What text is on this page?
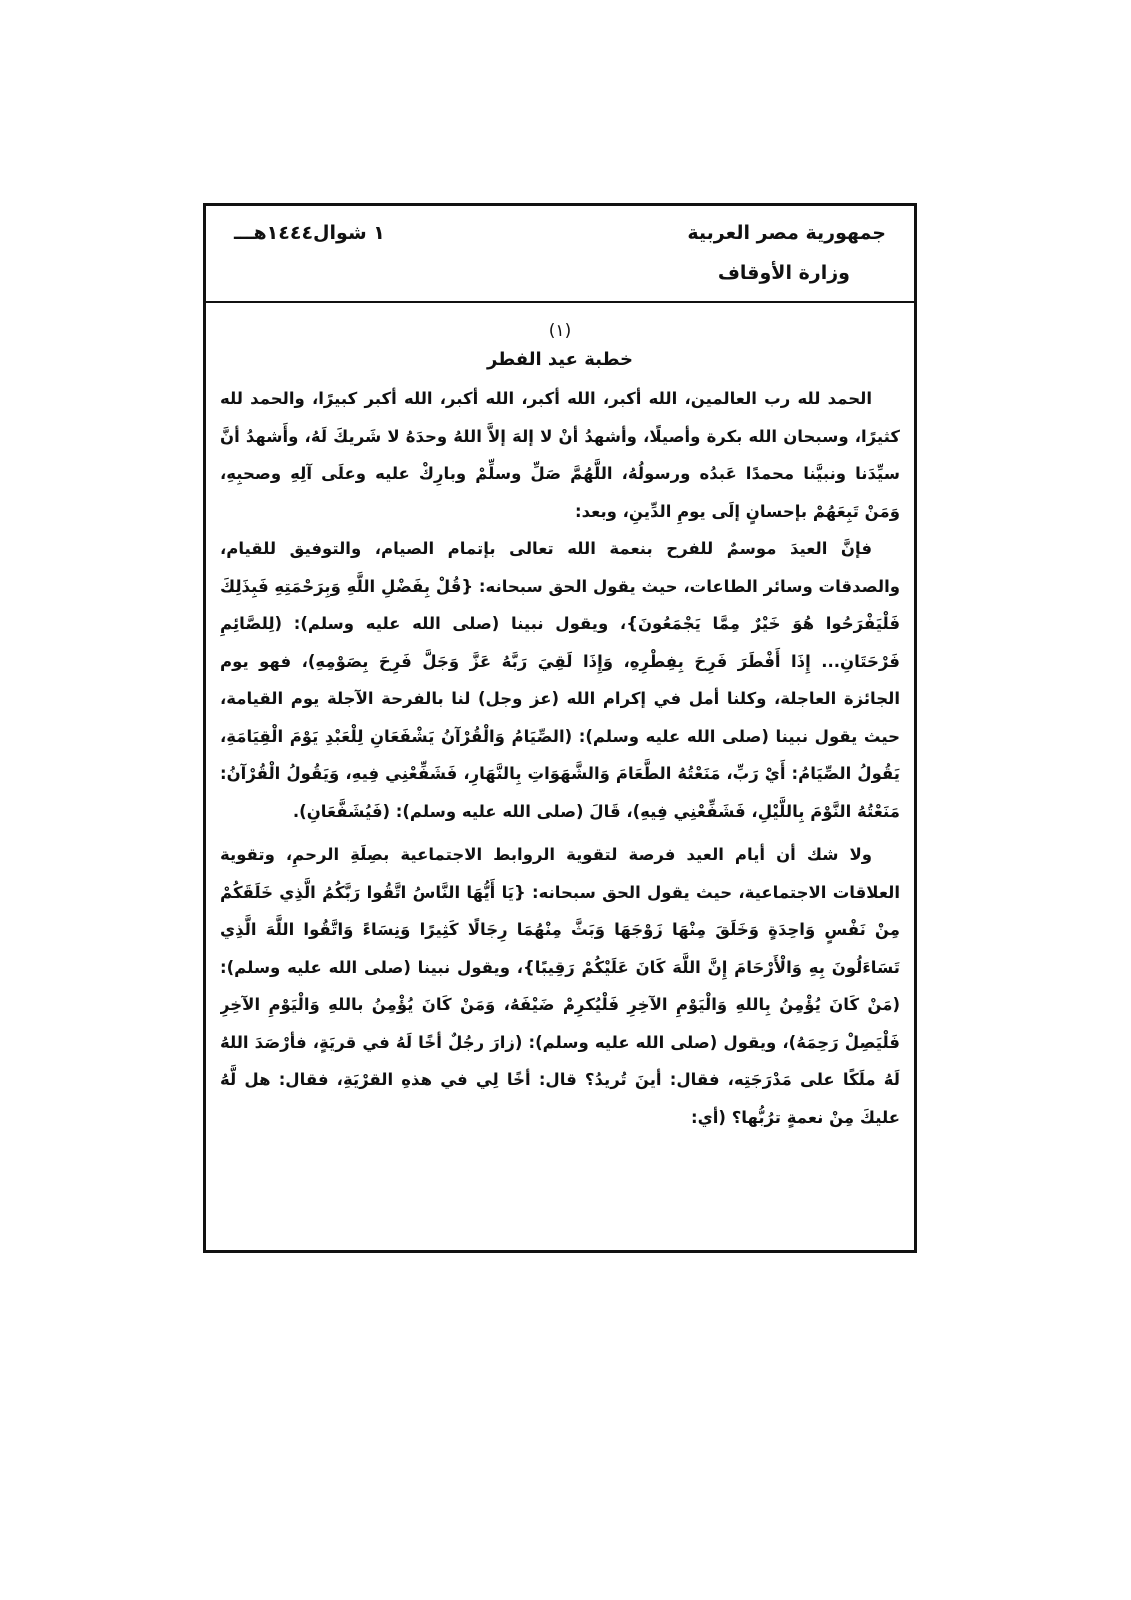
جمهورية مصر العربية
وزارة الأوقاف
١ شوال١٤٤٤هـــ
(١)
خطبة عيد الفطر

الحمد لله رب العالمين، الله أكبر، الله أكبر، الله أكبر، الله أكبر كبيرًا، والحمد لله كثيرًا، وسبحان الله بكرة وأصيلًا، وأشهدُ أنْ لا إلهَ إلاَّ اللهُ وحدَهُ لا شَريكَ لَهُ، وأَشهدُ أنَّ سيِّدَنا ونبيَّنا محمدًا عَبدُه ورسولُهُ، اللَّهُمَّ صَلِّ وسلِّمْ وبارِكْ عليه وعلَى آلِهِ وصحبِهِ، وَمَنْ تَبِعَهُمْ بإحسانٍ إلَى يومِ الدِّينِ، وبعد:

فإنَّ العيدَ موسمٌ للفرح بنعمة الله تعالى بإتمام الصيام، والتوفيق للقيام، والصدقات وسائر الطاعات، حيث يقول الحق سبحانه: {قُلْ بِفَضْلِ اللَّهِ وَبِرَحْمَتِهِ فَبِذَلِكَ فَلْيَفْرَحُوا هُوَ خَيْرٌ مِمَّا يَجْمَعُونَ}، ويقول نبينا (صلى الله عليه وسلم): (لِلصَّائِمِ فَرْحَتَانِ... إِذَا أَفْطَرَ فَرِحَ بِفِطْرِهِ، وَإِذَا لَقِيَ رَبَّهُ عَزَّ وَجَلَّ فَرِحَ بِصَوْمِهِ)، فهو يوم الجائزة العاجلة، وكلنا أمل في إكرام الله (عز وجل) لنا بالفرحة الآجلة يوم القيامة، حيث يقول نبينا (صلى الله عليه وسلم): (الصِّيَامُ وَالْقُرْآنُ يَشْفَعَانِ لِلْعَبْدِ يَوْمَ الْقِيَامَةِ، يَقُولُ الصِّيَامُ: أَيْ رَبِّ، مَنَعْتُهُ الطَّعَامَ وَالشَّهَوَاتِ بِالنَّهَارِ، فَشَفِّعْنِي فِيهِ، وَيَقُولُ الْقُرْآنُ: مَنَعْتُهُ النَّوْمَ بِاللَّيْلِ، فَشَفِّعْنِي فِيهِ)، قَالَ (صلى الله عليه وسلم): (فَيُشَفَّعَانِ).

ولا شك أن أيام العيد فرصة لتقوية الروابط الاجتماعية بصِلَةِ الرحمِ، وتقوية العلاقات الاجتماعية، حيث يقول الحق سبحانه: {يَا أَيُّهَا النَّاسُ اتَّقُوا رَبَّكُمُ الَّذِي خَلَقَكُمْ مِنْ نَفْسٍ وَاحِدَةٍ وَخَلَقَ مِنْهَا زَوْجَهَا وَبَثَّ مِنْهُمَا رِجَالًا كَثِيرًا وَنِسَاءً وَاتَّقُوا اللَّهَ الَّذِي تَسَاءَلُونَ بِهِ وَالْأَرْحَامَ إِنَّ اللَّهَ كَانَ عَلَيْكُمْ رَقِيبًا}، ويقول نبينا (صلى الله عليه وسلم): (مَنْ كَانَ يُؤْمِنُ بِاللهِ وَالْيَوْمِ الآخِرِ فَلْيُكرِمْ ضَيْفَهُ، وَمَنْ كَانَ يُؤْمِنُ باللهِ وَالْيَوْمِ الآخِرِ فَلْيَصِلْ رَحِمَهُ)، ويقول (صلى الله عليه وسلم): (زارَ رجُلٌ أخًا لَهُ في قريَةٍ، فأرْصَدَ اللهُ لَهُ ملَكًا على مَدْرَجَتِه، فقال: أينَ تُريدُ؟ قال: أخًا لِي في هذهِ القرْيَةِ، فقال: هل لَّهُ عليكَ مِنْ نعمةٍ ترُبُّها؟ (أي:
